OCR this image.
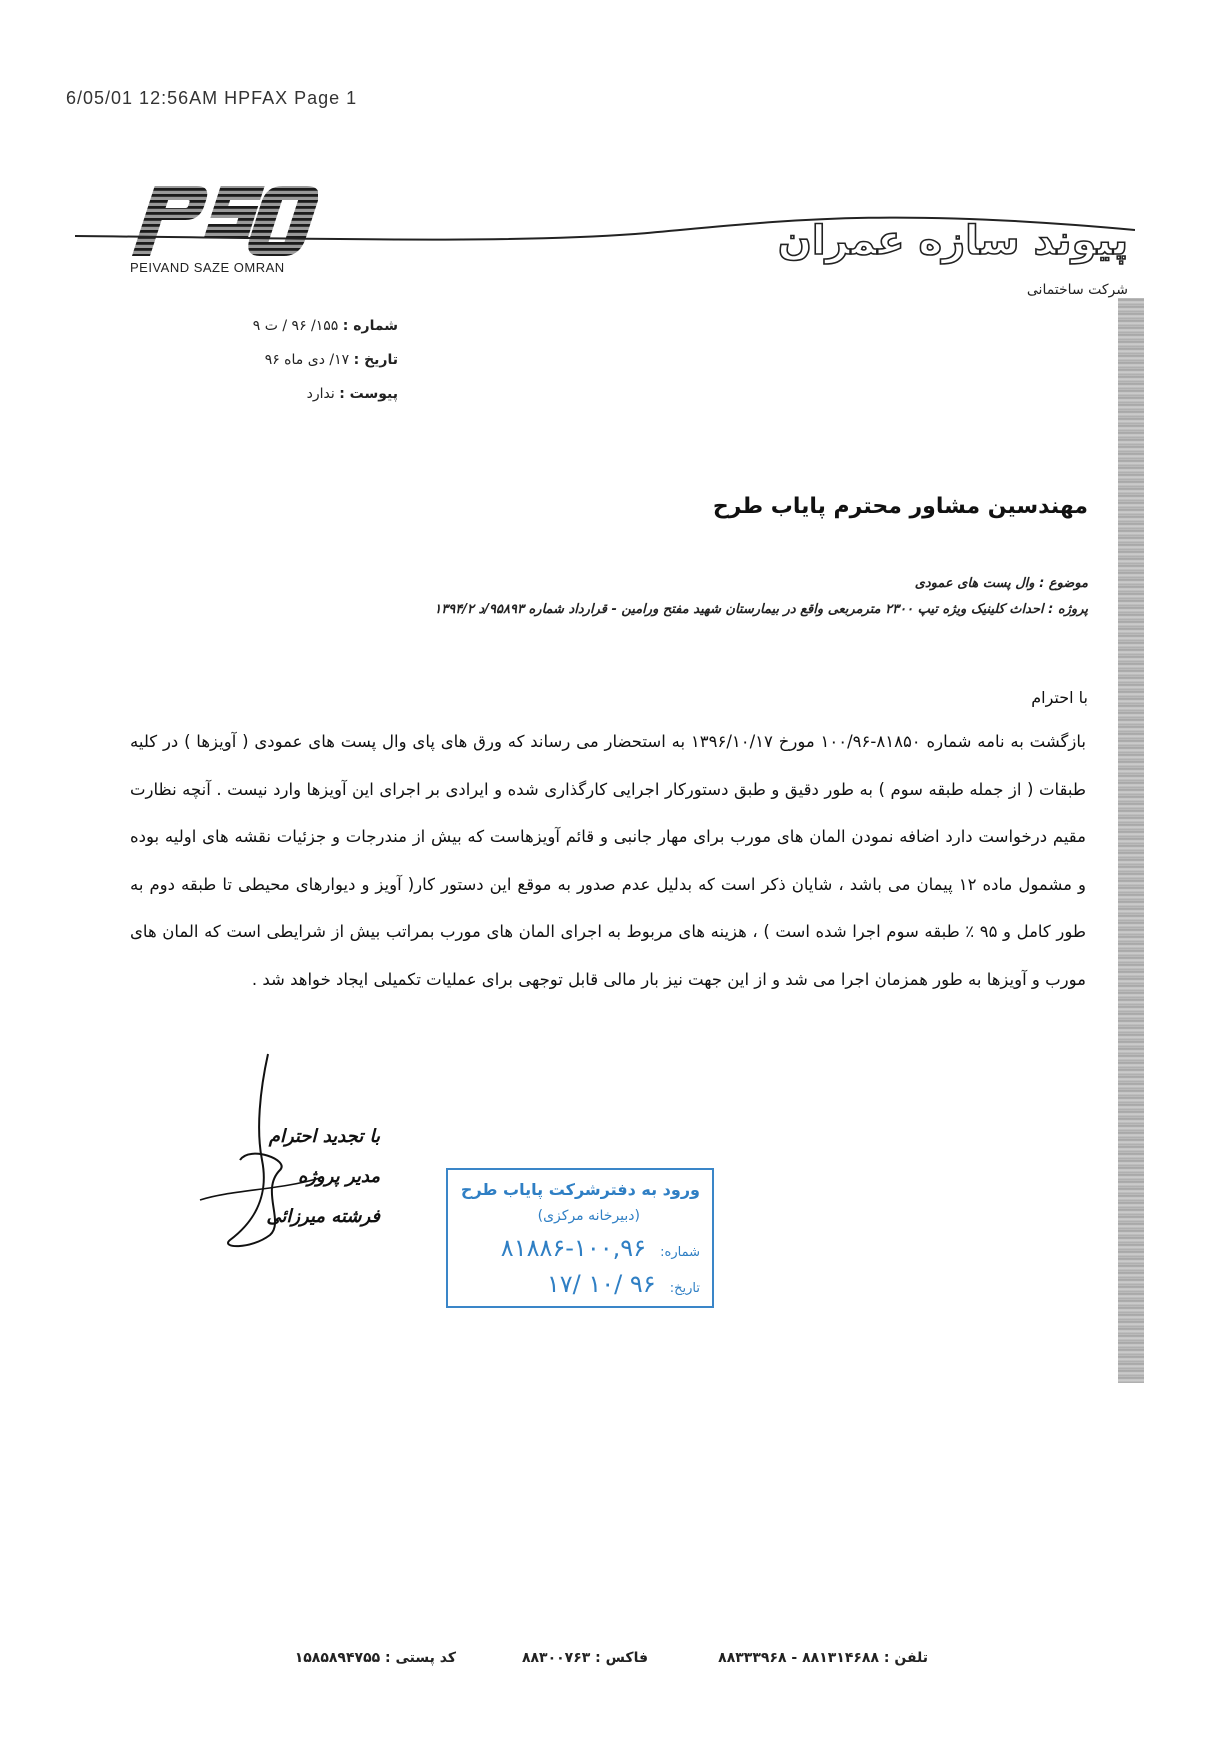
6/05/01 12:56AM HPFAX Page 1
PEIVAND SAZE OMRAN
پیوند سازه عمران
شرکت ساختمانی
شماره : ۱۵۵/ ۹۶ / ت ۹
تاریخ : ۱۷/ دی ماه ۹۶
پیوست : ندارد
مهندسین مشاور محترم پایاب طرح
موضوع : وال پست های عمودی
پروژه : احداث کلینیک ویژه تیپ ۲۳۰۰ مترمربعی واقع در بیمارستان شهید مفتح ورامین - قرارداد شماره ۹۵۸۹۳/د ۱۳۹۴/۲
با احترام
بازگشت به نامه شماره ۸۱۸۵۰-۱۰۰/۹۶ مورخ ۱۳۹۶/۱۰/۱۷ به استحضار می رساند که ورق های پای وال پست های عمودی ( آویزها ) در کلیه طبقات ( از جمله طبقه سوم ) به طور دقیق و طبق دستورکار اجرایی کارگذاری شده و ایرادی بر اجرای این آویزها وارد نیست . آنچه نظارت مقیم درخواست دارد اضافه نمودن المان های مورب برای مهار جانبی و قائم آویزهاست که بیش از مندرجات و جزئیات نقشه های اولیه بوده و مشمول ماده ۱۲ پیمان می باشد ، شایان ذکر است که بدلیل عدم صدور به موقع این دستور کار( آویز و دیوارهای محیطی تا طبقه دوم به طور کامل و ۹۵ ٪ طبقه سوم اجرا شده است ) ، هزینه های مربوط به اجرای المان های مورب بمراتب بیش از شرایطی است که المان های مورب و آویزها به طور همزمان اجرا می شد و از این جهت نیز بار مالی قابل توجهی برای عملیات تکمیلی ایجاد خواهد شد .
با تجدید احترام
مدیر پروژه
فرشته میرزائی
ورود به دفترشرکت پایاب طرح
(دبیرخانه مرکزی)
شماره: ۱۰۰,۹۶-۸۱۸۸۶
تاریخ: ۹۶ /۱۰ /۱۷
تلفن : ۸۸۱۳۱۴۶۸۸ - ۸۸۳۳۳۹۶۸
فاکس : ۸۸۳۰۰۷۶۳
کد پستی : ۱۵۸۵۸۹۴۷۵۵
